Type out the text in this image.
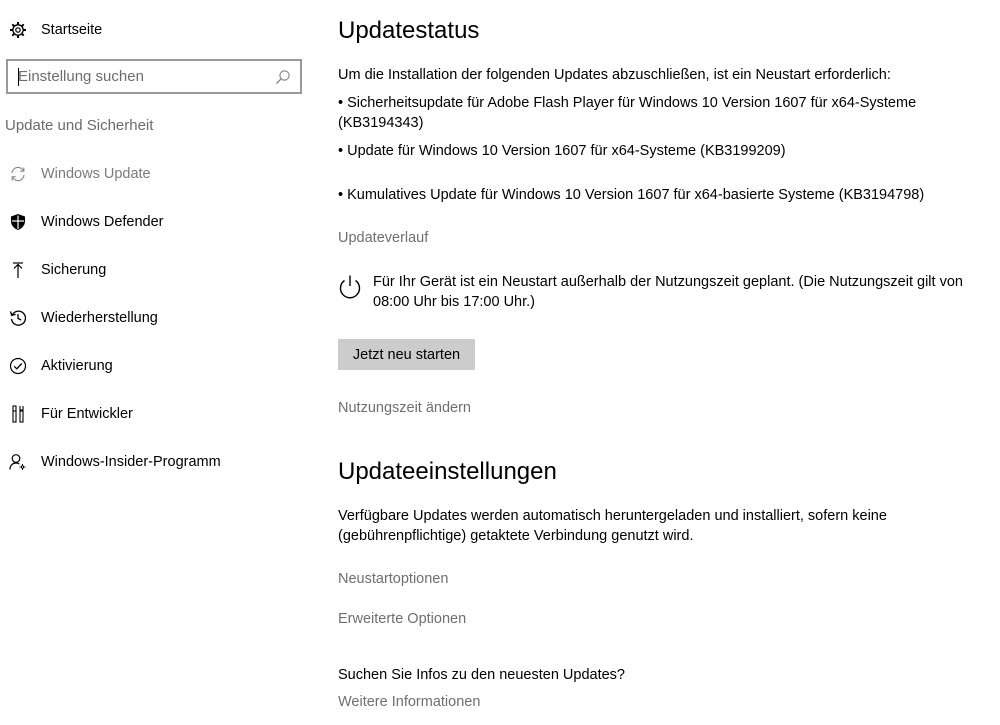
Startseite
Einstellung suchen
Update und Sicherheit
Windows Update
Windows Defender
Sicherung
Wiederherstellung
Aktivierung
Für Entwickler
Windows-Insider-Programm
Updatestatus
Um die Installation der folgenden Updates abzuschließen, ist ein Neustart erforderlich:
• Sicherheitsupdate für Adobe Flash Player für Windows 10 Version 1607 für x64-Systeme (KB3194343)
• Update für Windows 10 Version 1607 für x64-Systeme (KB3199209)
• Kumulatives Update für Windows 10 Version 1607 für x64-basierte Systeme (KB3194798)
Updateverlauf
Für Ihr Gerät ist ein Neustart außerhalb der Nutzungszeit geplant. (Die Nutzungszeit gilt von 08:00 Uhr bis 17:00 Uhr.)
Jetzt neu starten
Nutzungszeit ändern
Updateeinstellungen
Verfügbare Updates werden automatisch heruntergeladen und installiert, sofern keine (gebührenpflichtige) getaktete Verbindung genutzt wird.
Neustartoptionen
Erweiterte Optionen
Suchen Sie Infos zu den neuesten Updates?
Weitere Informationen
